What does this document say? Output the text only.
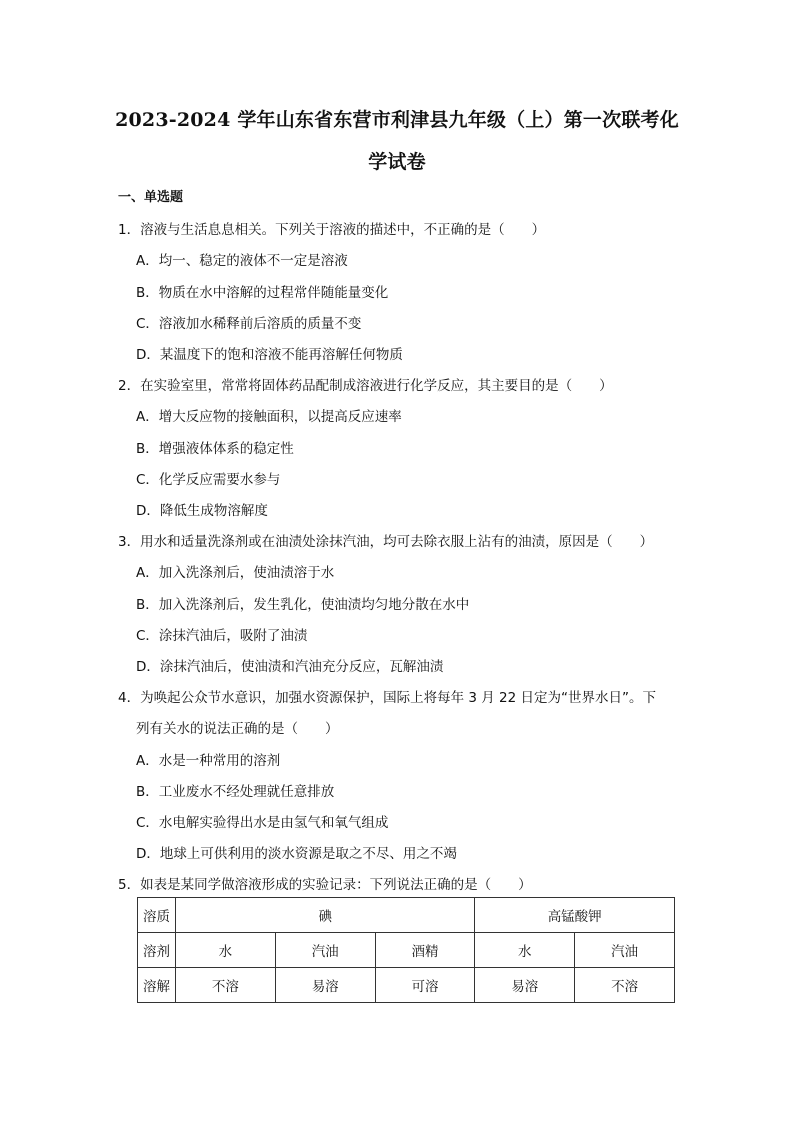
2023-2024 学年山东省东营市利津县九年级（上）第一次联考化
学试卷
一、单选题
1．溶液与生活息息相关。下列关于溶液的描述中，不正确的是（　　）
A．均一、稳定的液体不一定是溶液
B．物质在水中溶解的过程常伴随能量变化
C．溶液加水稀释前后溶质的质量不变
D．某温度下的饱和溶液不能再溶解任何物质
2．在实验室里，常常将固体药品配制成溶液进行化学反应，其主要目的是（　　）
A．增大反应物的接触面积，以提高反应速率
B．增强液体体系的稳定性
C．化学反应需要水参与
D．降低生成物溶解度
3．用水和适量洗涤剂或在油渍处涂抹汽油，均可去除衣服上沾有的油渍，原因是（　　）
A．加入洗涤剂后，使油渍溶于水
B．加入洗涤剂后，发生乳化，使油渍均匀地分散在水中
C．涂抹汽油后，吸附了油渍
D．涂抹汽油后，使油渍和汽油充分反应，瓦解油渍
4．为唤起公众节水意识，加强水资源保护，国际上将每年 3 月 22 日定为“世界水日”。下
列有关水的说法正确的是（　　）
A．水是一种常用的溶剂
B．工业废水不经处理就任意排放
C．水电解实验得出水是由氢气和氧气组成
D．地球上可供利用的淡水资源是取之不尽、用之不竭
5．如表是某同学做溶液形成的实验记录：下列说法正确的是（　　）
溶质	碘			高锰酸钾	
溶剂	水	汽油	酒精	水	汽油
溶解	不溶	易溶	可溶	易溶	不溶
